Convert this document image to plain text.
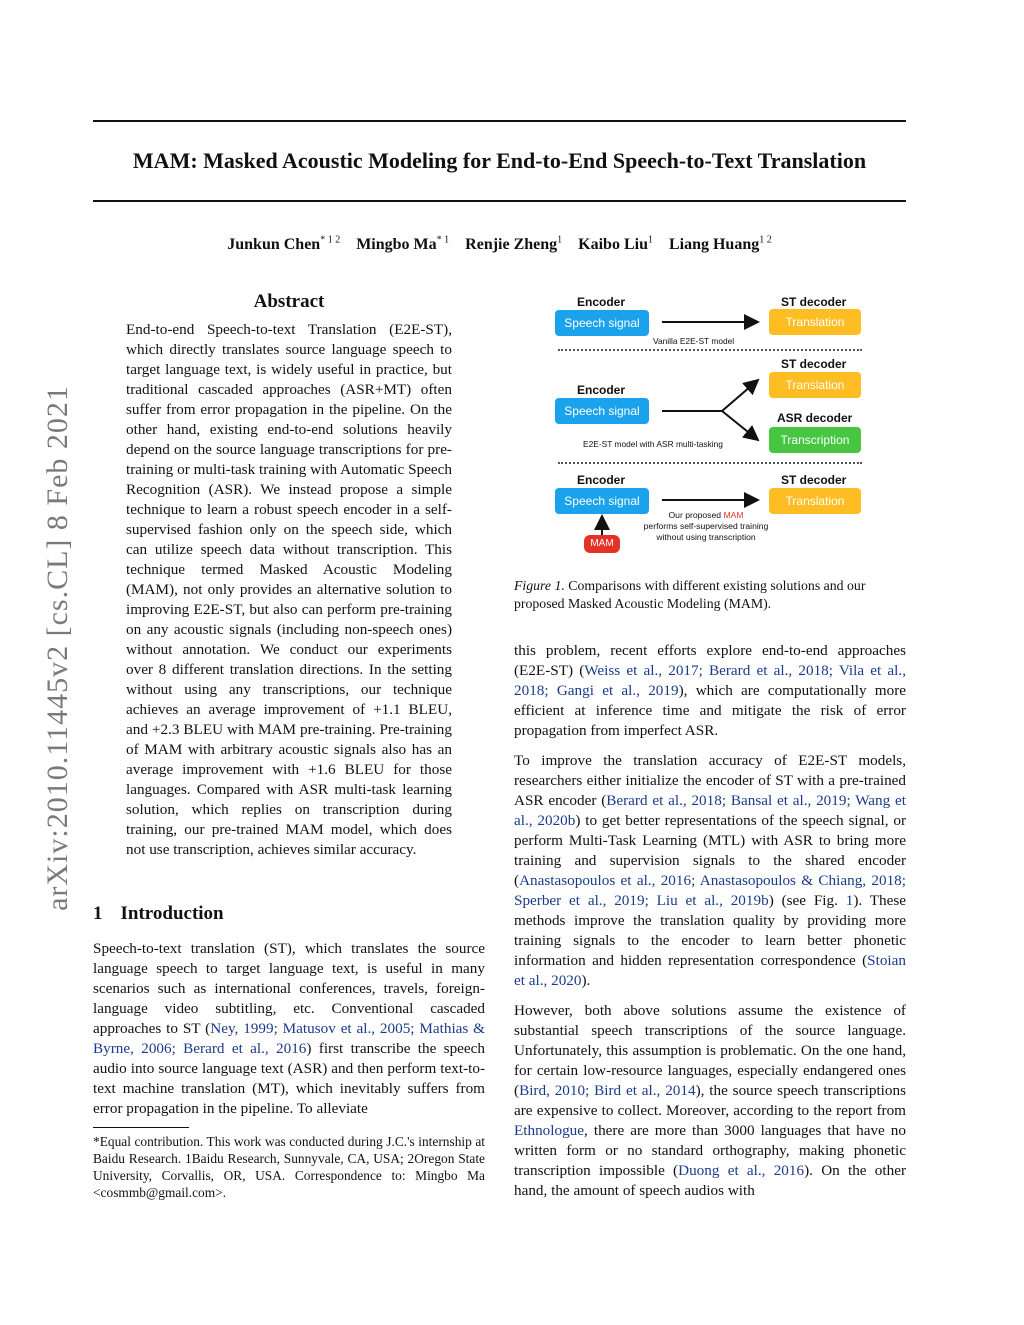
MAM: Masked Acoustic Modeling for End-to-End Speech-to-Text Translation
Junkun Chen$^{* 1 2}$ Mingbo Ma$^{* 1}$ Renjie Zheng$^1$ Kaibo Liu$^1$ Liang Huang$^{1 2}$
arXiv:2010.11445v2 [cs.CL] 8 Feb 2021
Abstract

End-to-end Speech-to-text Translation (E2E-ST), which directly translates source language speech to target language text, is widely useful in practice, but traditional cascaded approaches (ASR+MT) often suffer from error propagation in the pipeline. On the other hand, existing end-to-end solutions heavily depend on the source language transcriptions for pre-training or multi-task training with Automatic Speech Recognition (ASR). We instead propose a simple technique to learn a robust speech encoder in a self-supervised fashion only on the speech side, which can utilize speech data without transcription. This technique termed Masked Acoustic Modeling (MAM), not only provides an alternative solution to improving E2E-ST, but also can perform pre-training on any acoustic signals (including non-speech ones) without annotation. We conduct our experiments over 8 different translation directions. In the setting without using any transcriptions, our technique achieves an average improvement of +1.1 BLEU, and +2.3 BLEU with MAM pre-training. Pre-training of MAM with arbitrary acoustic signals also has an average improvement with +1.6 BLEU for those languages. Compared with ASR multi-task learning solution, which replies on transcription during training, our pre-trained MAM model, which does not use transcription, achieves similar accuracy.

1 Introduction

Speech-to-text translation (ST), which translates the source language speech to target language text, is useful in many scenarios such as international conferences, travels, foreign-language video subtitling, etc. Conventional cascaded approaches to ST (Ney, 1999; Matusov et al., 2005; Mathias & Byrne, 2006; Berard et al., 2016) first transcribe the speech audio into source language text (ASR) and then perform text-to-text machine translation (MT), which inevitably suffers from error propagation in the pipeline. To alleviate

*Equal contribution. This work was conducted during J.C.'s internship at Baidu Research. 1Baidu Research, Sunnyvale, CA, USA; 2Oregon State University, Corvallis, OR, USA. Correspondence to: Mingbo Ma <cosmmb@gmail.com>.
Encoder	ST decoder
Speech signal	Translation
Vanilla E2E-ST model
ST decoder
Translation
Encoder
Speech signal	ASR decoder
Transcription
E2E-ST model with ASR multi-tasking
Encoder	ST decoder
Speech signal	Translation
Our proposed MAM
performs self-supervised training
without using transcription
MAM
Figure 1. Comparisons with different existing solutions and our proposed Masked Acoustic Modeling (MAM).

this problem, recent efforts explore end-to-end approaches (E2E-ST) (Weiss et al., 2017; Berard et al., 2018; Vila et al., 2018; Gangi et al., 2019), which are computationally more efficient at inference time and mitigate the risk of error propagation from imperfect ASR.

To improve the translation accuracy of E2E-ST models, researchers either initialize the encoder of ST with a pre-trained ASR encoder (Berard et al., 2018; Bansal et al., 2019; Wang et al., 2020b) to get better representations of the speech signal, or perform Multi-Task Learning (MTL) with ASR to bring more training and supervision signals to the shared encoder (Anastasopoulos et al., 2016; Anastasopoulos & Chiang, 2018; Sperber et al., 2019; Liu et al., 2019b) (see Fig. 1). These methods improve the translation quality by providing more training signals to the encoder to learn better phonetic information and hidden representation correspondence (Stoian et al., 2020).

However, both above solutions assume the existence of substantial speech transcriptions of the source language. Unfortunately, this assumption is problematic. On the one hand, for certain low-resource languages, especially endangered ones (Bird, 2010; Bird et al., 2014), the source speech transcriptions are expensive to collect. Moreover, according to the report from Ethnologue, there are more than 3000 languages that have no written form or no standard orthography, making phonetic transcription impossible (Duong et al., 2016). On the other hand, the amount of speech audios with
